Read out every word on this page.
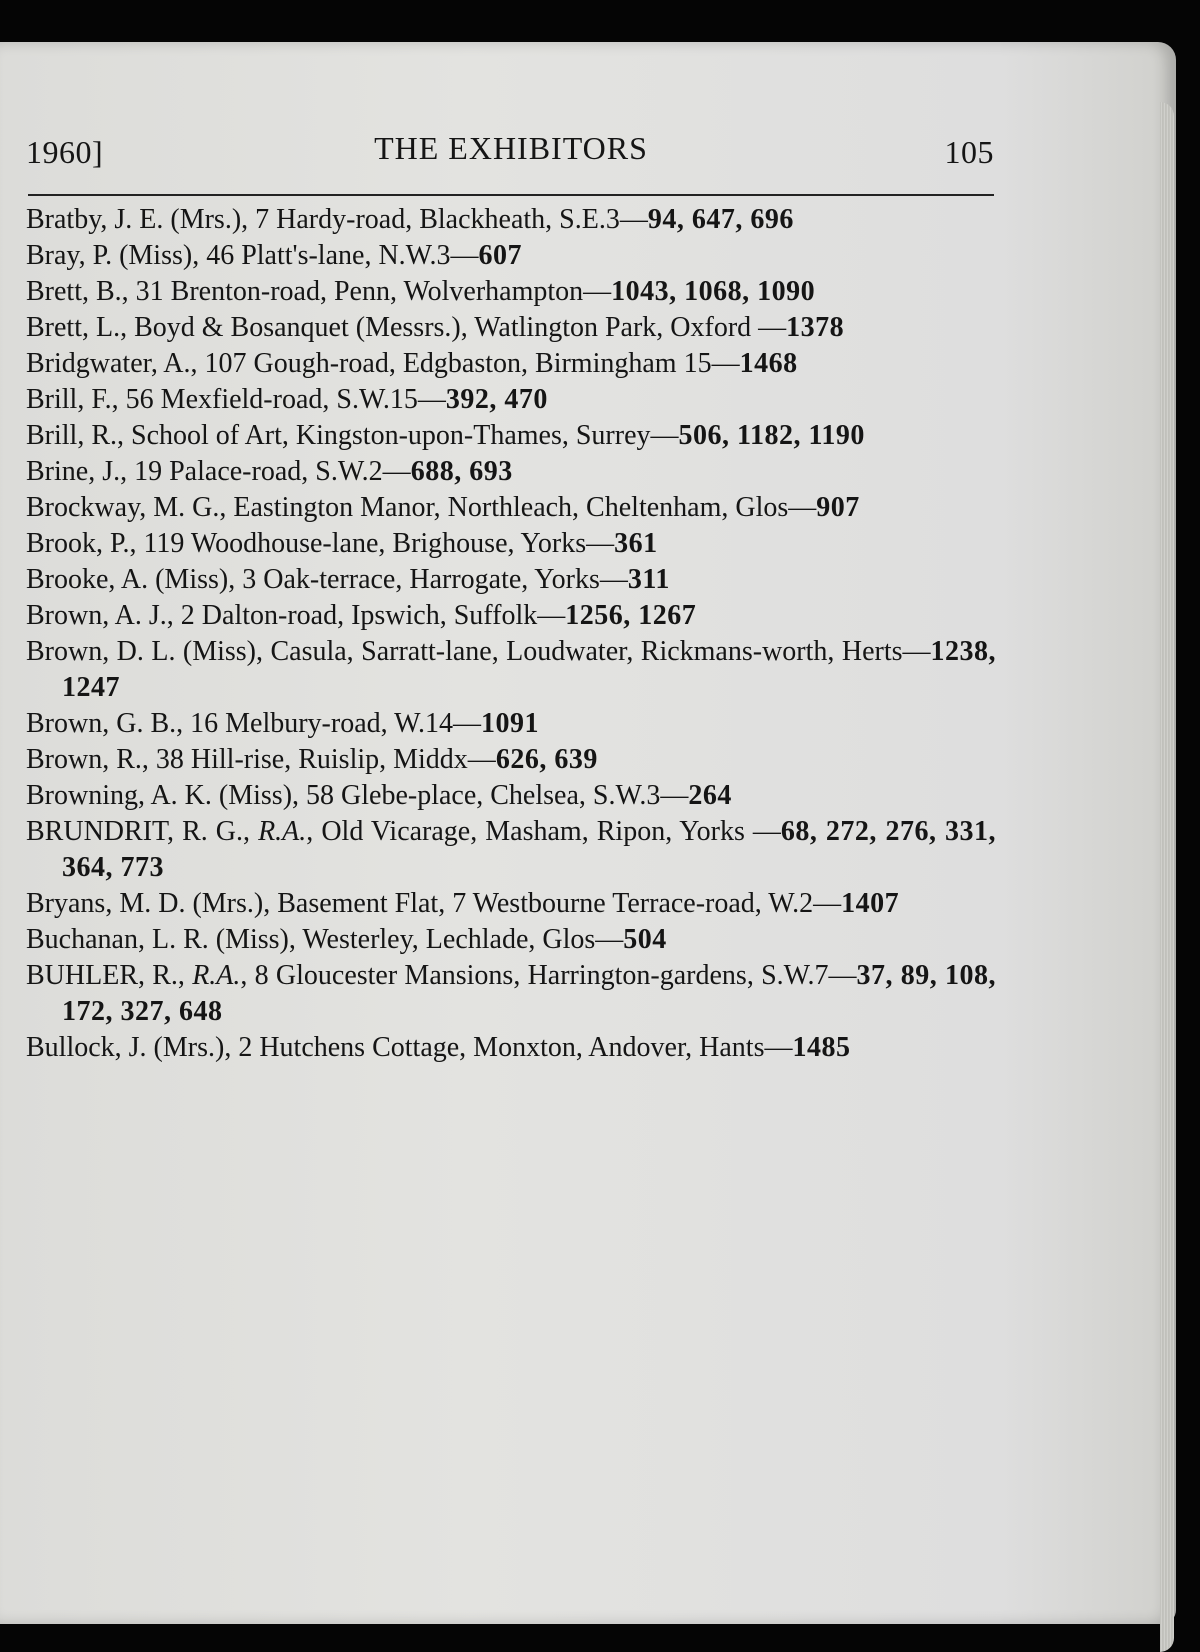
1960]	THE EXHIBITORS	105
Bratby, J. E. (Mrs.), 7 Hardy-road, Blackheath, S.E.3—94, 647, 696
Bray, P. (Miss), 46 Platt's-lane, N.W.3—607
Brett, B., 31 Brenton-road, Penn, Wolverhampton—1043, 1068, 1090
Brett, L., Boyd & Bosanquet (Messrs.), Watlington Park, Oxford —1378
Bridgwater, A., 107 Gough-road, Edgbaston, Birmingham 15—1468
Brill, F., 56 Mexfield-road, S.W.15—392, 470
Brill, R., School of Art, Kingston-upon-Thames, Surrey—506, 1182, 1190
Brine, J., 19 Palace-road, S.W.2—688, 693
Brockway, M. G., Eastington Manor, Northleach, Cheltenham, Glos—907
Brook, P., 119 Woodhouse-lane, Brighouse, Yorks—361
Brooke, A. (Miss), 3 Oak-terrace, Harrogate, Yorks—311
Brown, A. J., 2 Dalton-road, Ipswich, Suffolk—1256, 1267
Brown, D. L. (Miss), Casula, Sarratt-lane, Loudwater, Rickmans-worth, Herts—1238, 1247
Brown, G. B., 16 Melbury-road, W.14—1091
Brown, R., 38 Hill-rise, Ruislip, Middx—626, 639
Browning, A. K. (Miss), 58 Glebe-place, Chelsea, S.W.3—264
BRUNDRIT, R. G., R.A., Old Vicarage, Masham, Ripon, Yorks —68, 272, 276, 331, 364, 773
Bryans, M. D. (Mrs.), Basement Flat, 7 Westbourne Terrace-road, W.2—1407
Buchanan, L. R. (Miss), Westerley, Lechlade, Glos—504
BUHLER, R., R.A., 8 Gloucester Mansions, Harrington-gardens, S.W.7—37, 89, 108, 172, 327, 648
Bullock, J. (Mrs.), 2 Hutchens Cottage, Monxton, Andover, Hants—1485
